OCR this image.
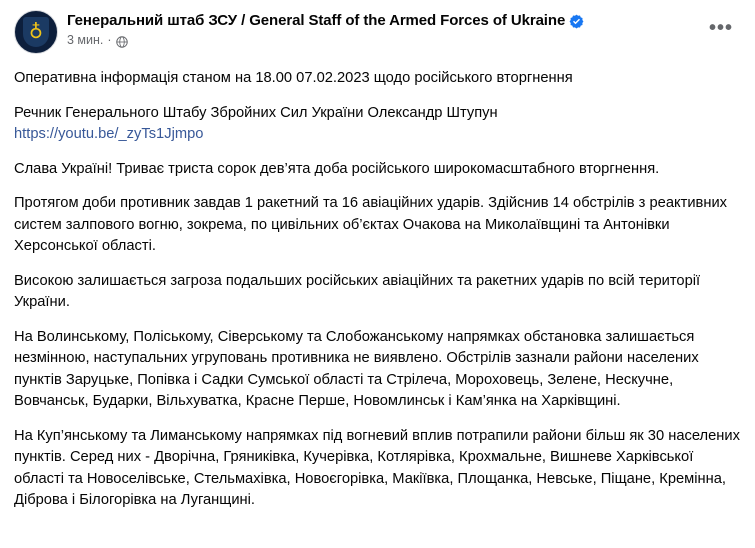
♁ Генеральний штаб ЗСУ / General Staff of the Armed Forces of Ukraine
3 мин. ·
•••

Оперативна інформація станом на 18.00 07.02.2023 щодо російського вторгнення

Речник Генерального Штабу Збройних Сил України Олександр Штупун

https://youtu.be/_zyTs1Jjmpo

Слава Україні! Триває триста сорок дев’ята доба російського широкомасштабного вторгнення.

Протягом доби противник завдав 1 ракетний та 16 авіаційних ударів. Здійснив 14 обстрілів з реактивних систем залпового вогню, зокрема, по цивільних об’єктах Очакова на Миколаївщині та Антонівки Херсонської області.

Високою залишається загроза подальших російських авіаційних та ракетних ударів по всій території України.

На Волинському, Поліському, Сіверському та Слобожанському напрямках обстановка залишається незмінною, наступальних угруповань противника не виявлено. Обстрілів зазнали райони населених пунктів Заруцьке, Попівка і Садки Сумської області та Стрілеча, Мороховець, Зелене, Нескучне, Вовчанськ, Бударки, Вільхуватка, Красне Перше, Новомлинськ і Кам’янка на Харківщині.

На Куп’янському та Лиманському напрямках під вогневий вплив потрапили райони більш як 30 населених пунктів. Серед них - Дворічна, Гряниківка, Кучерівка, Котлярівка, Крохмальне, Вишневе Харківської області та Новоселівське, Стельмахівка, Новоєгорівка, Макіївка, Площанка, Невське, Піщане, Кремінна, Діброва і Білогорівка на Луганщині.
